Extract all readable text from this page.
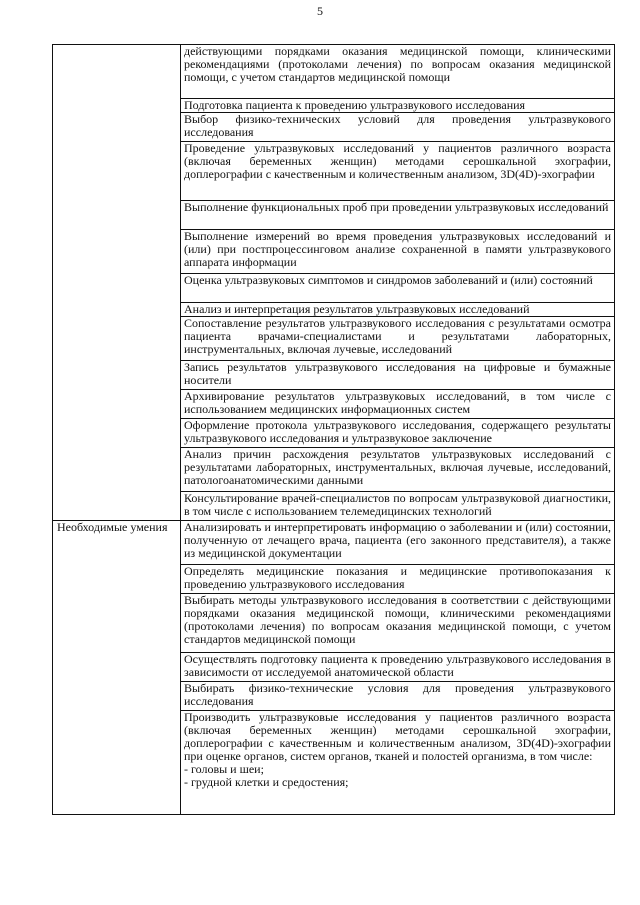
5

	действующими порядками оказания медицинской помощи, клиническими рекомендациями (протоколами лечения) по вопросам оказания медицинской помощи, с учетом стандартов медицинской помощи

	Подготовка пациента к проведению ультразвукового исследования

	Выбор физико-технических условий для проведения ультразвукового исследования

	Проведение ультразвуковых исследований у пациентов различного возраста (включая беременных женщин) методами серошкальной эхографии, доплерографии с качественным и количественным анализом, 3D(4D)-эхографии

	Выполнение функциональных проб при проведении ультразвуковых исследований

	Выполнение измерений во время проведения ультразвуковых исследований и (или) при постпроцессинговом анализе сохраненной в памяти ультразвукового аппарата информации

	Оценка ультразвуковых симптомов и синдромов заболеваний и (или) состояний

	Анализ и интерпретация результатов ультразвуковых исследований

	Сопоставление результатов ультразвукового исследования с результатами осмотра пациента врачами-специалистами и результатами лабораторных, инструментальных, включая лучевые, исследований

	Запись результатов ультразвукового исследования на цифровые и бумажные носители

	Архивирование результатов ультразвуковых исследований, в том числе с использованием медицинских информационных систем

	Оформление протокола ультразвукового исследования, содержащего результаты ультразвукового исследования и ультразвуковое заключение

	Анализ причин расхождения результатов ультразвуковых исследований с результатами лабораторных, инструментальных, включая лучевые, исследований, патологоанатомическими данными

	Консультирование врачей-специалистов по вопросам ультразвуковой диагностики, в том числе с использованием телемедицинских технологий

Необходимые умения	Анализировать и интерпретировать информацию о заболевании и (или) состоянии, полученную от лечащего врача, пациента (его законного представителя), а также из медицинской документации

	Определять медицинские показания и медицинские противопоказания к проведению ультразвукового исследования

	Выбирать методы ультразвукового исследования в соответствии с действующими порядками оказания медицинской помощи, клиническими рекомендациями (протоколами лечения) по вопросам оказания медицинской помощи, с учетом стандартов медицинской помощи

	Осуществлять подготовку пациента к проведению ультразвукового исследования в зависимости от исследуемой анатомической области

	Выбирать физико-технические условия для проведения ультразвукового исследования

	Производить ультразвуковые исследования у пациентов различного возраста (включая беременных женщин) методами серошкальной эхографии, доплерографии с качественным и количественным анализом, 3D(4D)-эхографии при оценке органов, систем органов, тканей и полостей организма, в том числе:
- головы и шеи;
- грудной клетки и средостения;
